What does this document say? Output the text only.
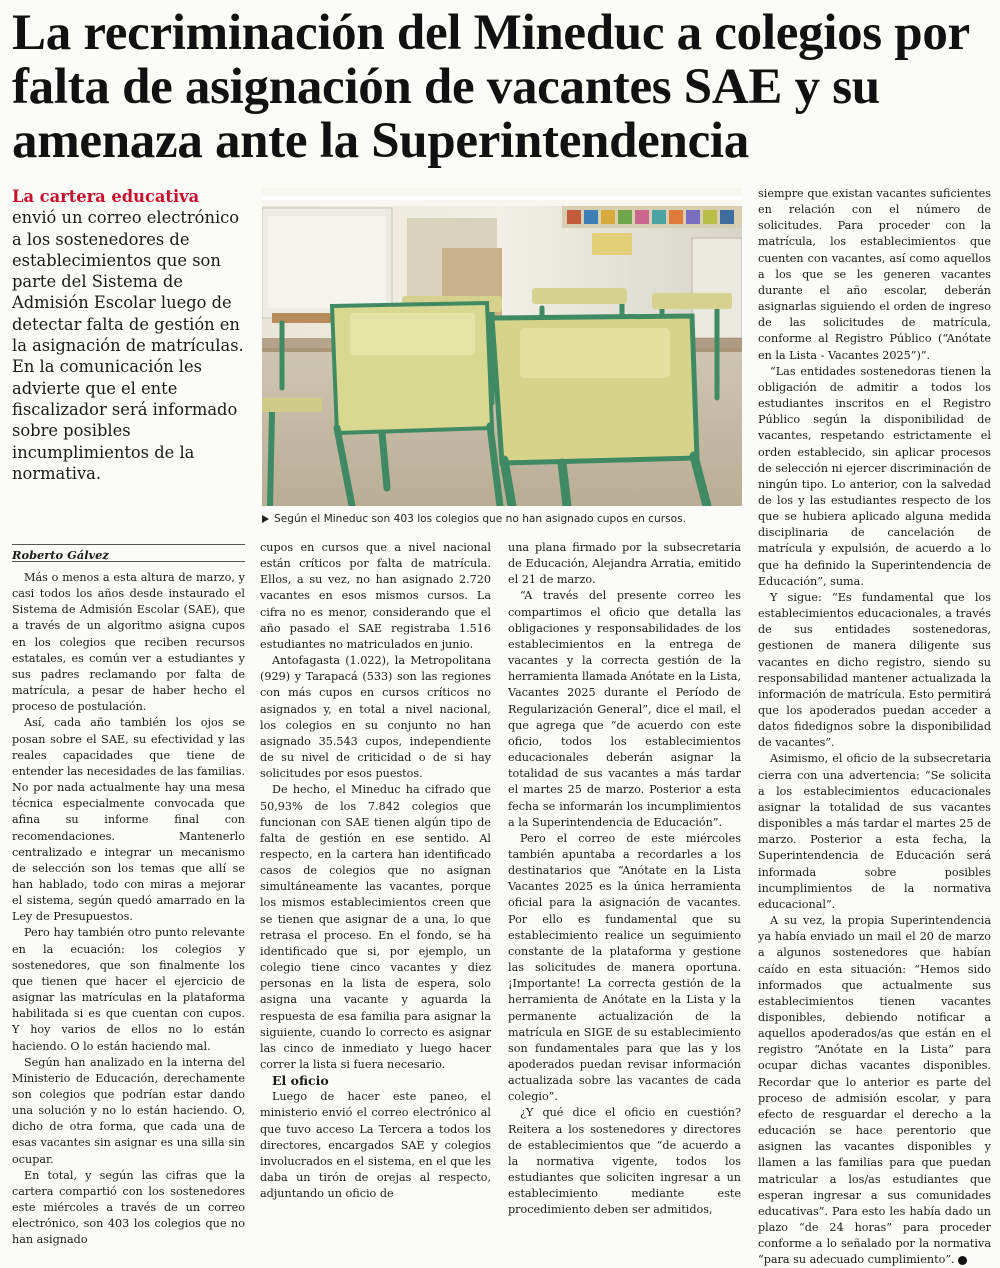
La recriminación del Mineduc a colegios por falta de asignación de vacantes SAE y su amenaza ante la Superintendencia

La cartera educativa envió un correo electrónico a los sostenedores de establecimientos que son parte del Sistema de Admisión Escolar luego de detectar falta de gestión en la asignación de matrículas. En la comunicación les advierte que el ente fiscalizador será informado sobre posibles incumplimientos de la normativa.

Según el Mineduc son 403 los colegios que no han asignado cupos en cursos.
Roberto Gálvez

Más o menos a esta altura de marzo, y casi todos los años desde instaurado el Sistema de Admisión Escolar (SAE), que a través de un algoritmo asigna cupos en los colegios que reciben recursos estatales, es común ver a estudiantes y sus padres reclamando por falta de matrícula, a pesar de haber hecho el proceso de postulación.

Así, cada año también los ojos se posan sobre el SAE, su efectividad y las reales capacidades que tiene de entender las necesidades de las familias. No por nada actualmente hay una mesa técnica especialmente convocada que afina su informe final con recomendaciones. Mantenerlo centralizado e integrar un mecanismo de selección son los temas que allí se han hablado, todo con miras a mejorar el sistema, según quedó amarrado en la Ley de Presupuestos.

Pero hay también otro punto relevante en la ecuación: los colegios y sostenedores, que son finalmente los que tienen que hacer el ejercicio de asignar las matrículas en la plataforma habilitada si es que cuentan con cupos. Y hoy varios de ellos no lo están haciendo. O lo están haciendo mal.

Según han analizado en la interna del Ministerio de Educación, derechamente son colegios que podrían estar dando una solución y no lo están haciendo. O, dicho de otra forma, que cada una de esas vacantes sin asignar es una silla sin ocupar.

En total, y según las cifras que la cartera compartió con los sostenedores este miércoles a través de un correo electrónico, son 403 los colegios que no han asignado

cupos en cursos que a nivel nacional están críticos por falta de matrícula. Ellos, a su vez, no han asignado 2.720 vacantes en esos mismos cursos. La cifra no es menor, considerando que el año pasado el SAE registraba 1.516 estudiantes no matriculados en junio.

Antofagasta (1.022), la Metropolitana (929) y Tarapacá (533) son las regiones con más cupos en cursos críticos no asignados y, en total a nivel nacional, los colegios en su conjunto no han asignado 35.543 cupos, independiente de su nivel de criticidad o de si hay solicitudes por esos puestos.

De hecho, el Mineduc ha cifrado que 50,93% de los 7.842 colegios que funcionan con SAE tienen algún tipo de falta de gestión en ese sentido. Al respecto, en la cartera han identificado casos de colegios que no asignan simultáneamente las vacantes, porque los mismos establecimientos creen que se tienen que asignar de a una, lo que retrasa el proceso. En el fondo, se ha identificado que si, por ejemplo, un colegio tiene cinco vacantes y diez personas en la lista de espera, solo asigna una vacante y aguarda la respuesta de esa familia para asignar la siguiente, cuando lo correcto es asignar las cinco de inmediato y luego hacer correr la lista si fuera necesario.

El oficio

Luego de hacer este paneo, el ministerio envió el correo electrónico al que tuvo acceso La Tercera a todos los directores, encargados SAE y colegios involucrados en el sistema, en el que les daba un tirón de orejas al respecto, adjuntando un oficio de

una plana firmado por la subsecretaria de Educación, Alejandra Arratia, emitido el 21 de marzo.

“A través del presente correo les compartimos el oficio que detalla las obligaciones y responsabilidades de los establecimientos en la entrega de vacantes y la correcta gestión de la herramienta llamada Anótate en la Lista, Vacantes 2025 durante el Período de Regularización General”, dice el mail, el que agrega que “de acuerdo con este oficio, todos los establecimientos educacionales deberán asignar la totalidad de sus vacantes a más tardar el martes 25 de marzo. Posterior a esta fecha se informarán los incumplimientos a la Superintendencia de Educación”.

Pero el correo de este miércoles también apuntaba a recordarles a los destinatarios que “Anótate en la Lista Vacantes 2025 es la única herramienta oficial para la asignación de vacantes. Por ello es fundamental que su establecimiento realice un seguimiento constante de la plataforma y gestione las solicitudes de manera oportuna. ¡Importante! La correcta gestión de la herramienta de Anótate en la Lista y la permanente actualización de la matrícula en SIGE de su establecimiento son fundamentales para que las y los apoderados puedan revisar información actualizada sobre las vacantes de cada colegio”.

¿Y qué dice el oficio en cuestión? Reitera a los sostenedores y directores de establecimientos que “de acuerdo a la normativa vigente, todos los estudiantes que soliciten ingresar a un establecimiento mediante este procedimiento deben ser admitidos,

siempre que existan vacantes suficientes en relación con el número de solicitudes. Para proceder con la matrícula, los establecimientos que cuenten con vacantes, así como aquellos a los que se les generen vacantes durante el año escolar, deberán asignarlas siguiendo el orden de ingreso de las solicitudes de matrícula, conforme al Registro Público (“Anótate en la Lista - Vacantes 2025”)”.

“Las entidades sostenedoras tienen la obligación de admitir a todos los estudiantes inscritos en el Registro Público según la disponibilidad de vacantes, respetando estrictamente el orden establecido, sin aplicar procesos de selección ni ejercer discriminación de ningún tipo. Lo anterior, con la salvedad de los y las estudiantes respecto de los que se hubiera aplicado alguna medida disciplinaria de cancelación de matrícula y expulsión, de acuerdo a lo que ha definido la Superintendencia de Educación”, suma.

Y sigue: “Es fundamental que los establecimientos educacionales, a través de sus entidades sostenedoras, gestionen de manera diligente sus vacantes en dicho registro, siendo su responsabilidad mantener actualizada la información de matrícula. Esto permitirá que los apoderados puedan acceder a datos fidedignos sobre la disponibilidad de vacantes”.

Asimismo, el oficio de la subsecretaria cierra con una advertencia: “Se solicita a los establecimientos educacionales asignar la totalidad de sus vacantes disponibles a más tardar el martes 25 de marzo. Posterior a esta fecha, la Superintendencia de Educación será informada sobre posibles incumplimientos de la normativa educacional”.

A su vez, la propia Superintendencia ya había enviado un mail el 20 de marzo a algunos sostenedores que habían caído en esta situación: “Hemos sido informados que actualmente sus establecimientos tienen vacantes disponibles, debiendo notificar a aquellos apoderados/as que están en el registro “Anótate en la Lista” para ocupar dichas vacantes disponibles. Recordar que lo anterior es parte del proceso de admisión escolar, y para efecto de resguardar el derecho a la educación se hace perentorio que asignen las vacantes disponibles y llamen a las familias para que puedan matricular a los/as estudiantes que esperan ingresar a sus comunidades educativas”. Para esto les había dado un plazo “de 24 horas” para proceder conforme a lo señalado por la normativa “para su adecuado cumplimiento”.
